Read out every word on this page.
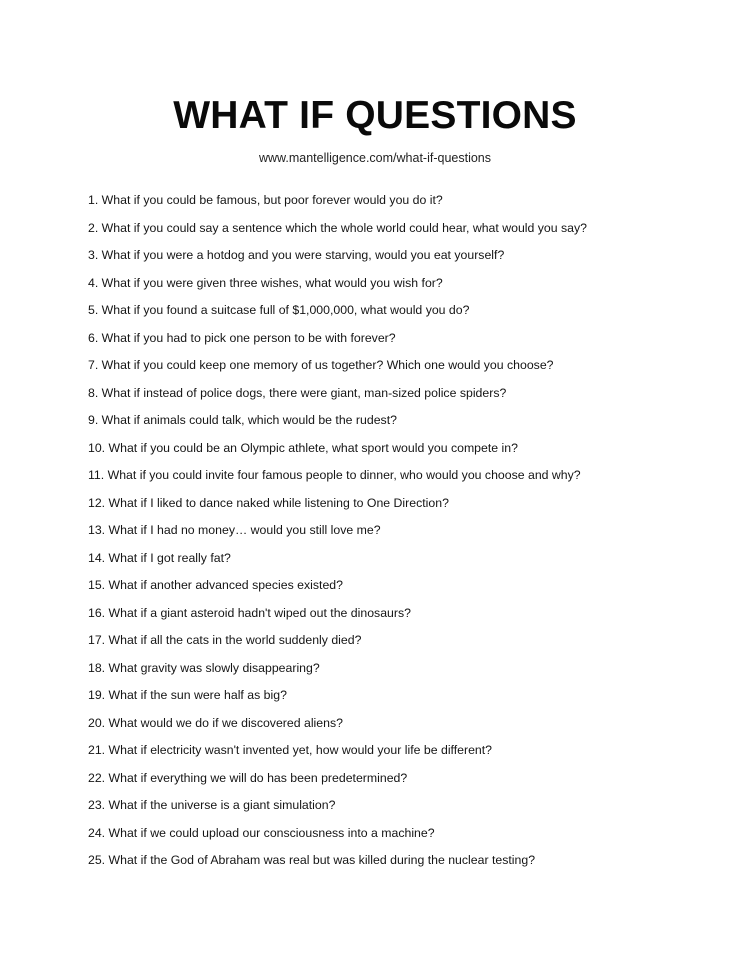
WHAT IF QUESTIONS
www.mantelligence.com/what-if-questions
1. What if you could be famous, but poor forever would you do it?
2. What if you could say a sentence which the whole world could hear, what would you say?
3. What if you were a hotdog and you were starving, would you eat yourself?
4. What if you were given three wishes, what would you wish for?
5. What if you found a suitcase full of $1,000,000, what would you do?
6. What if you had to pick one person to be with forever?
7. What if you could keep one memory of us together? Which one would you choose?
8. What if instead of police dogs, there were giant, man-sized police spiders?
9. What if animals could talk, which would be the rudest?
10. What if you could be an Olympic athlete, what sport would you compete in?
11. What if you could invite four famous people to dinner, who would you choose and why?
12. What if I liked to dance naked while listening to One Direction?
13. What if I had no money… would you still love me?
14. What if I got really fat?
15. What if another advanced species existed?
16. What if a giant asteroid hadn't wiped out the dinosaurs?
17. What if all the cats in the world suddenly died?
18. What gravity was slowly disappearing?
19. What if the sun were half as big?
20. What would we do if we discovered aliens?
21. What if electricity wasn't invented yet, how would your life be different?
22. What if everything we will do has been predetermined?
23. What if the universe is a giant simulation?
24. What if we could upload our consciousness into a machine?
25. What if the God of Abraham was real but was killed during the nuclear testing?
